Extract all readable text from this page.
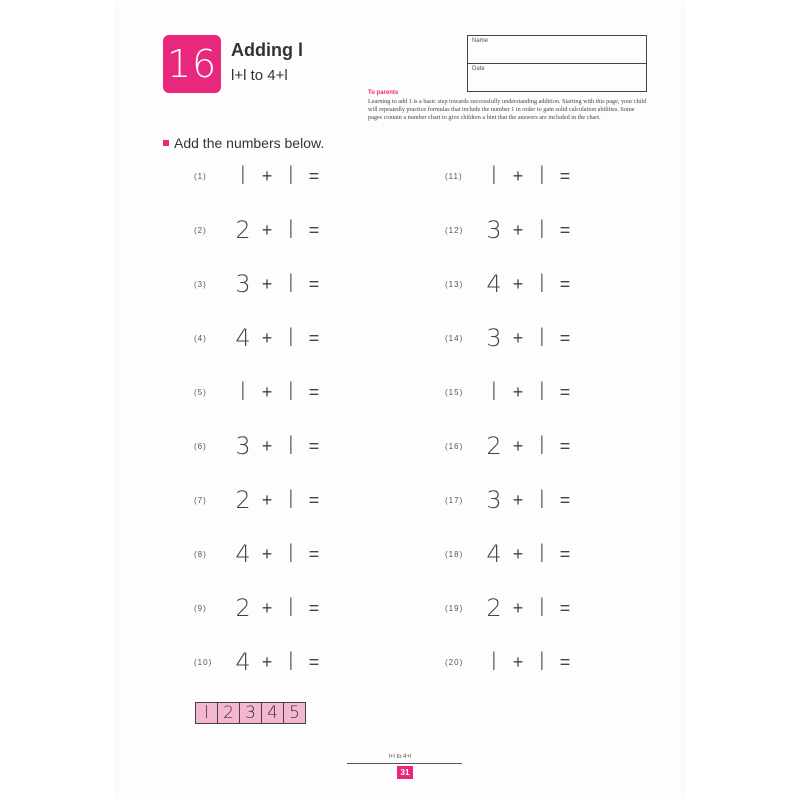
16 Adding l
l+l to 4+l
Name
Date
To parents
Learning to add 1 is a basic step towards successfully understanding addition. Starting with this page, your child will repeatedly practice formulas that include the number 1 in order to gain solid calculation abilities. Some pages contain a number chart to give children a hint that the answers are included in the chart.
Add the numbers below.
(1)	l + l =
(2)	2 + l =
(3)	3 + l =
(4)	4 + l =
(5)	l + l =
(6)	3 + l =
(7)	2 + l =
(8)	4 + l =
(9)	2 + l =
(10) 4 + l =
(11)	l + l =
(12) 3 + l =
(13) 4 + l =
(14) 3 + l =
(15)	l + l =
(16) 2 + l =
(17) 3 + l =
(18) 4 + l =
(19) 2 + l =
(20)	l + l =
l 2 3 4 5
l+l to 4+l
31
